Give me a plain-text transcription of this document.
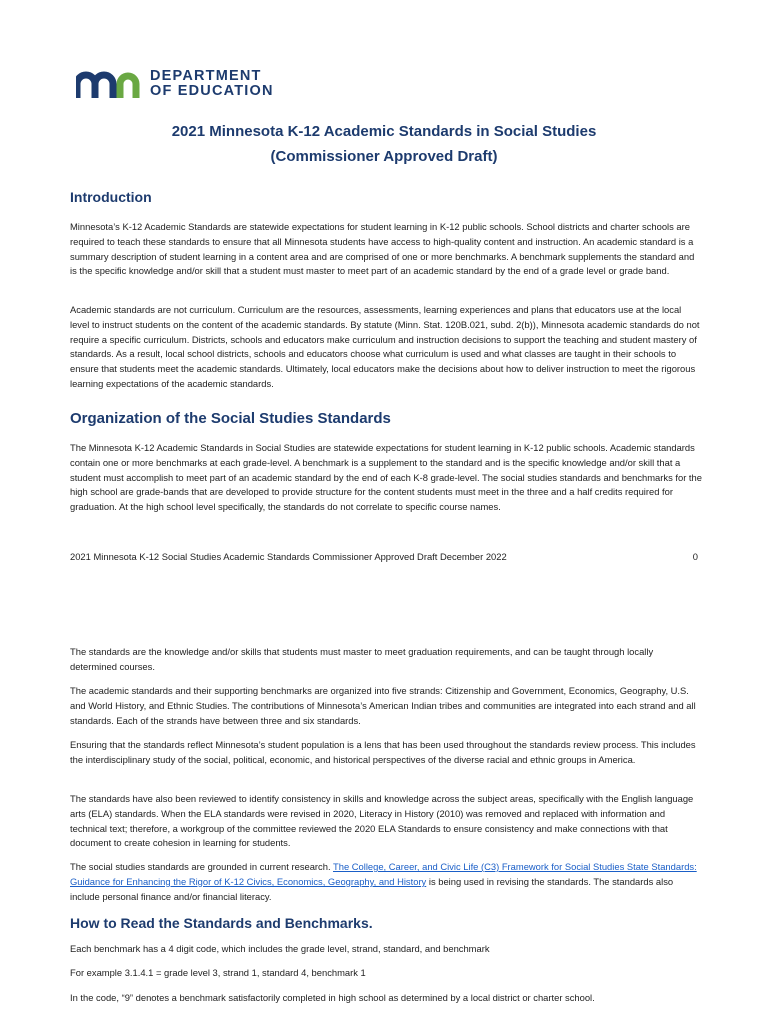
DEPARTMENT
OF EDUCATION
2021 Minnesota K-12 Academic Standards in Social Studies
(Commissioner Approved Draft)
Introduction
Minnesota’s K-12 Academic Standards are statewide expectations for student learning in K-12 public schools. School districts and charter schools are required to teach these standards to ensure that all Minnesota students have access to high-quality content and instruction. An academic standard is a summary description of student learning in a content area and are comprised of one or more benchmarks. A benchmark supplements the standard and is the specific knowledge and/or skill that a student must master to meet part of an academic standard by the end of a grade level or grade band.
Academic standards are not curriculum. Curriculum are the resources, assessments, learning experiences and plans that educators use at the local level to instruct students on the content of the academic standards. By statute (Minn. Stat. 120B.021, subd. 2(b)), Minnesota academic standards do not require a specific curriculum. Districts, schools and educators make curriculum and instruction decisions to support the teaching and student mastery of standards. As a result, local school districts, schools and educators choose what curriculum is used and what classes are taught in their schools to ensure that students meet the academic standards. Ultimately, local educators make the decisions about how to deliver instruction to meet the rigorous learning expectations of the academic standards.
Organization of the Social Studies Standards
The Minnesota K-12 Academic Standards in Social Studies are statewide expectations for student learning in K-12 public schools. Academic standards contain one or more benchmarks at each grade-level. A benchmark is a supplement to the standard and is the specific knowledge and/or skill that a student must accomplish to meet part of an academic standard by the end of each K-8 grade-level. The social studies standards and benchmarks for the high school are grade-bands that are developed to provide structure for the content students must meet in the three and a half credits required for graduation. At the high school level specifically, the standards do not correlate to specific course names.
2021 Minnesota K-12 Social Studies Academic Standards Commissioner Approved Draft December 2022	0
The standards are the knowledge and/or skills that students must master to meet graduation requirements, and can be taught through locally determined courses.
The academic standards and their supporting benchmarks are organized into five strands: Citizenship and Government, Economics, Geography, U.S. and World History, and Ethnic Studies. The contributions of Minnesota’s American Indian tribes and communities are integrated into each strand and all standards. Each of the strands have between three and six standards.
Ensuring that the standards reflect Minnesota’s student population is a lens that has been used throughout the standards review process. This includes the interdisciplinary study of the social, political, economic, and historical perspectives of the diverse racial and ethnic groups in America.
The standards have also been reviewed to identify consistency in skills and knowledge across the subject areas, specifically with the English language arts (ELA) standards. When the ELA standards were revised in 2020, Literacy in History (2010) was removed and replaced with information and technical text; therefore, a workgroup of the committee reviewed the 2020 ELA Standards to ensure consistency and make connections with that document to create cohesion in learning for students.
The social studies standards are grounded in current research. The College, Career, and Civic Life (C3) Framework for Social Studies State Standards: Guidance for Enhancing the Rigor of K-12 Civics, Economics, Geography, and History is being used in revising the standards. The standards also include personal finance and/or financial literacy.
How to Read the Standards and Benchmarks.
Each benchmark has a 4 digit code, which includes the grade level, strand, standard, and benchmark
For example 3.1.4.1 = grade level 3, strand 1, standard 4, benchmark 1
In the code, “9” denotes a benchmark satisfactorily completed in high school as determined by a local district or charter school.
